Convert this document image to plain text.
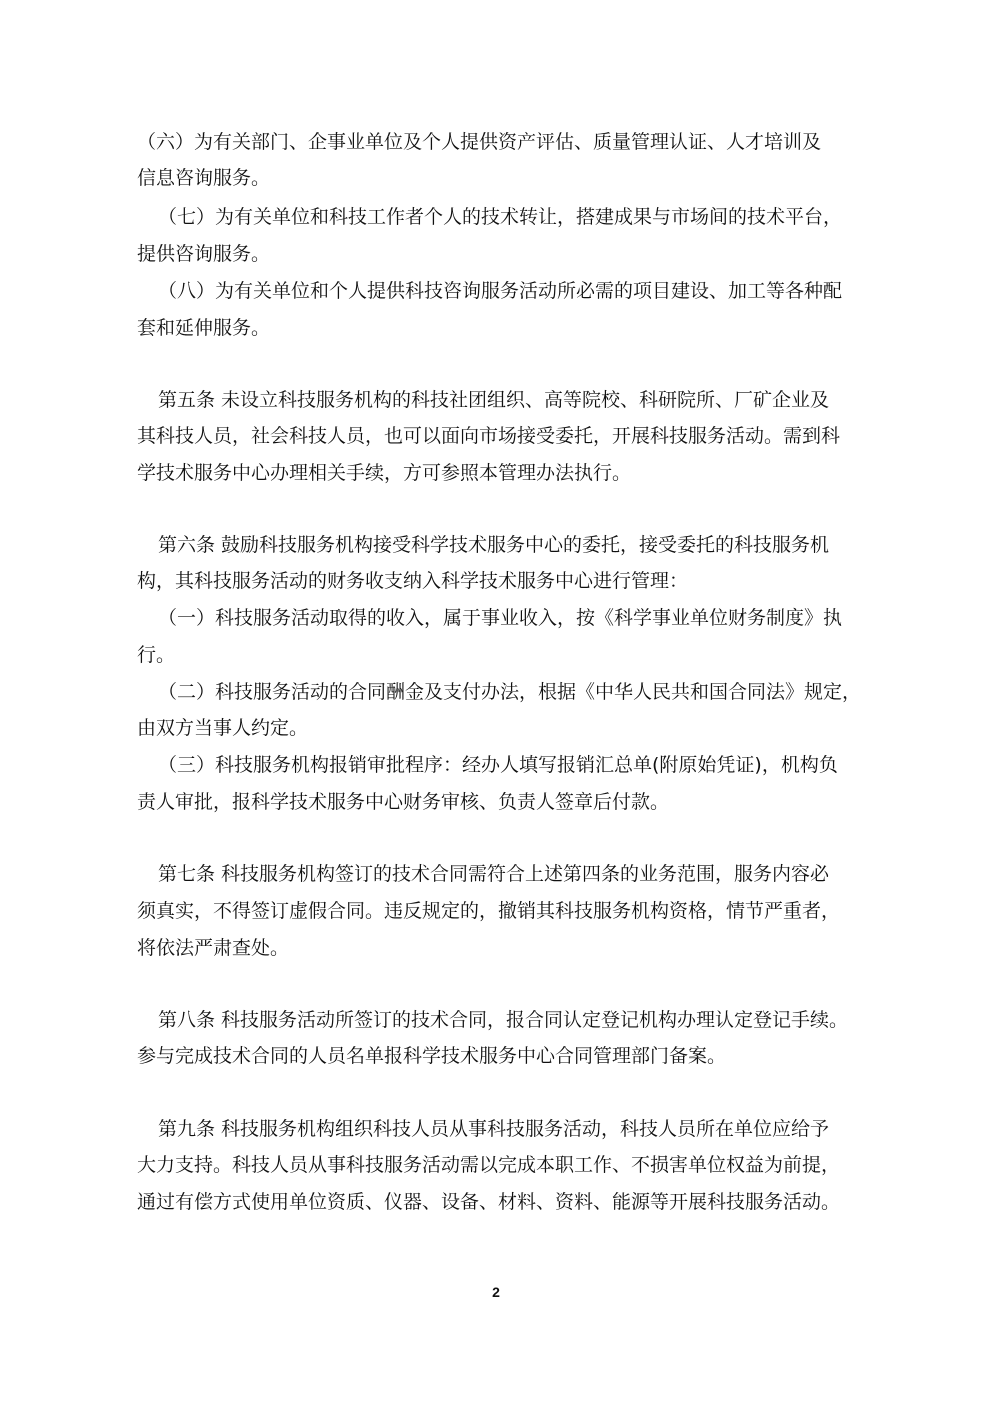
（六）为有关部门、企事业单位及个人提供资产评估、质量管理认证、人才培训及
信息咨询服务。
（七）为有关单位和科技工作者个人的技术转让，搭建成果与市场间的技术平台，
提供咨询服务。
（八）为有关单位和个人提供科技咨询服务活动所必需的项目建设、加工等各种配
套和延伸服务。
第五条 未设立科技服务机构的科技社团组织、高等院校、科研院所、厂矿企业及
其科技人员，社会科技人员，也可以面向市场接受委托，开展科技服务活动。需到科
学技术服务中心办理相关手续，方可参照本管理办法执行。
第六条 鼓励科技服务机构接受科学技术服务中心的委托，接受委托的科技服务机
构，其科技服务活动的财务收支纳入科学技术服务中心进行管理：
（一）科技服务活动取得的收入，属于事业收入，按《科学事业单位财务制度》执
行。
（二）科技服务活动的合同酬金及支付办法，根据《中华人民共和国合同法》规定，
由双方当事人约定。
（三）科技服务机构报销审批程序：经办人填写报销汇总单(附原始凭证)，机构负
责人审批，报科学技术服务中心财务审核、负责人签章后付款。
第七条 科技服务机构签订的技术合同需符合上述第四条的业务范围，服务内容必
须真实，不得签订虚假合同。违反规定的，撤销其科技服务机构资格，情节严重者，
将依法严肃查处。
第八条 科技服务活动所签订的技术合同，报合同认定登记机构办理认定登记手续。
参与完成技术合同的人员名单报科学技术服务中心合同管理部门备案。
第九条 科技服务机构组织科技人员从事科技服务活动，科技人员所在单位应给予
大力支持。科技人员从事科技服务活动需以完成本职工作、不损害单位权益为前提，
通过有偿方式使用单位资质、仪器、设备、材料、资料、能源等开展科技服务活动。
2
